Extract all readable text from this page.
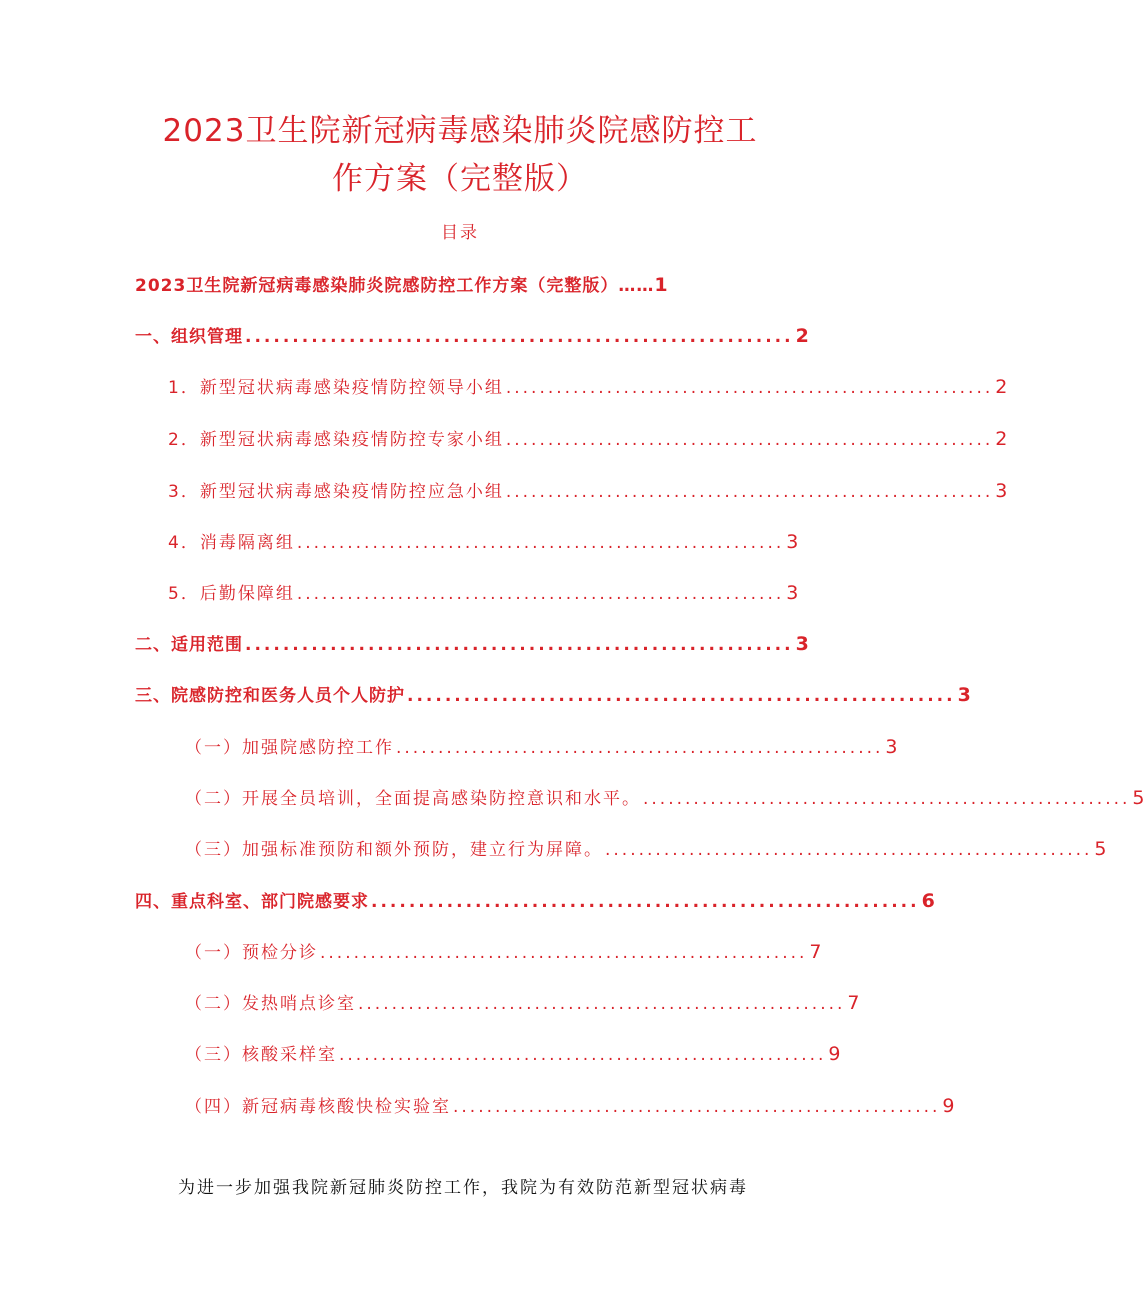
2023卫生院新冠病毒感染肺炎院感防控工
作方案（完整版）
目录
2023卫生院新冠病毒感染肺炎院感防控工作方案（完整版）…… 1
一、组织管理 .......................................................... 2
1．新型冠状病毒感染疫情防控领导小组 .......................................................... 2
2．新型冠状病毒感染疫情防控专家小组 .......................................................... 2
3．新型冠状病毒感染疫情防控应急小组 .......................................................... 3
4．消毒隔离组 .......................................................... 3
5．后勤保障组 .......................................................... 3
二、适用范围 .......................................................... 3
三、院感防控和医务人员个人防护 .......................................................... 3
（一）加强院感防控工作 .......................................................... 3
（二）开展全员培训，全面提高感染防控意识和水平。 .......................................................... 5
（三）加强标准预防和额外预防，建立行为屏障。 .......................................................... 5
四、重点科室、部门院感要求 .......................................................... 6
（一）预检分诊 .......................................................... 7
（二）发热哨点诊室 .......................................................... 7
（三）核酸采样室 .......................................................... 9
（四）新冠病毒核酸快检实验室 .......................................................... 9

为进一步加强我院新冠肺炎防控工作，我院为有效防范新型冠状病毒
